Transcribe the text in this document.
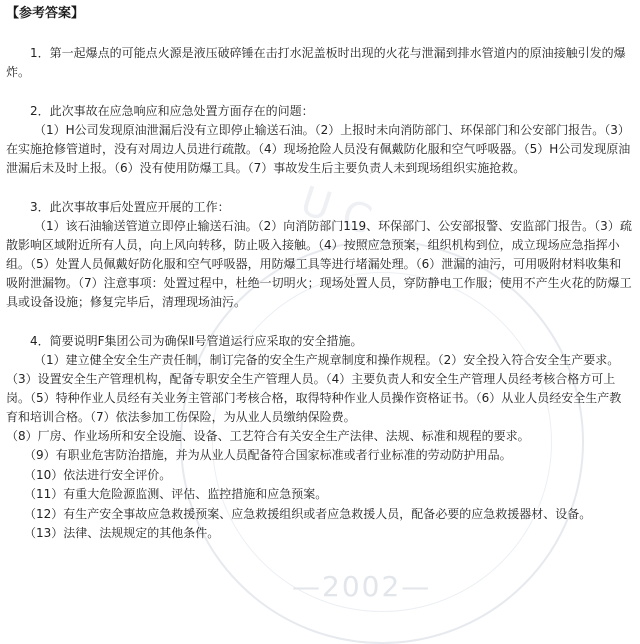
UC
—2002—
【参考答案】

1．第一起爆点的可能点火源是液压破碎锤在击打水泥盖板时出现的火花与泄漏到排水管道内的原油接触引发的爆炸。

2．此次事故在应急响应和应急处置方面存在的问题：

（1）H公司发现原油泄漏后没有立即停止输送石油。（2）上报时未向消防部门、环保部门和公安部门报告。（3）在实施抢修管道时，没有对周边人员进行疏散。（4）现场抢险人员没有佩戴防化服和空气呼吸器。（5）H公司发现原油泄漏后未及时上报。（6）没有使用防爆工具。（7）事故发生后主要负责人未到现场组织实施抢救。

3．此次事故事后处置应开展的工作：

（1）该石油输送管道立即停止输送石油。（2）向消防部门119、环保部门、公安部报警、安监部门报告。（3）疏散影响区域附近所有人员，向上风向转移，防止吸入接触。（4）按照应急预案，组织机构到位，成立现场应急指挥小组。（5）处置人员佩戴好防化服和空气呼吸器，用防爆工具等进行堵漏处理。（6）泄漏的油污，可用吸附材料收集和吸附泄漏物。（7）注意事项：处置过程中，杜绝一切明火；现场处置人员，穿防静电工作服；使用不产生火花的防爆工具或设备设施；修复完毕后，清理现场油污。

4．简要说明F集团公司为确保Ⅱ号管道运行应采取的安全措施。

（1）建立健全安全生产责任制，制订完备的安全生产规章制度和操作规程。（2）安全投入符合安全生产要求。（3）设置安全生产管理机构，配备专职安全生产管理人员。（4）主要负责人和安全生产管理人员经考核合格方可上岗。（5）特种作业人员经有关业务主管部门考核合格，取得特种作业人员操作资格证书。（6）从业人员经安全生产教育和培训合格。（7）依法参加工伤保险，为从业人员缴纳保险费。

（8）厂房、作业场所和安全设施、设备、工艺符合有关安全生产法律、法规、标准和规程的要求。

（9）有职业危害防治措施，并为从业人员配备符合国家标准或者行业标准的劳动防护用品。

（10）依法进行安全评价。

（11）有重大危险源监测、评估、监控措施和应急预案。

（12）有生产安全事故应急救援预案、应急救援组织或者应急救援人员，配备必要的应急救援器材、设备。

（13）法律、法规规定的其他条件。
